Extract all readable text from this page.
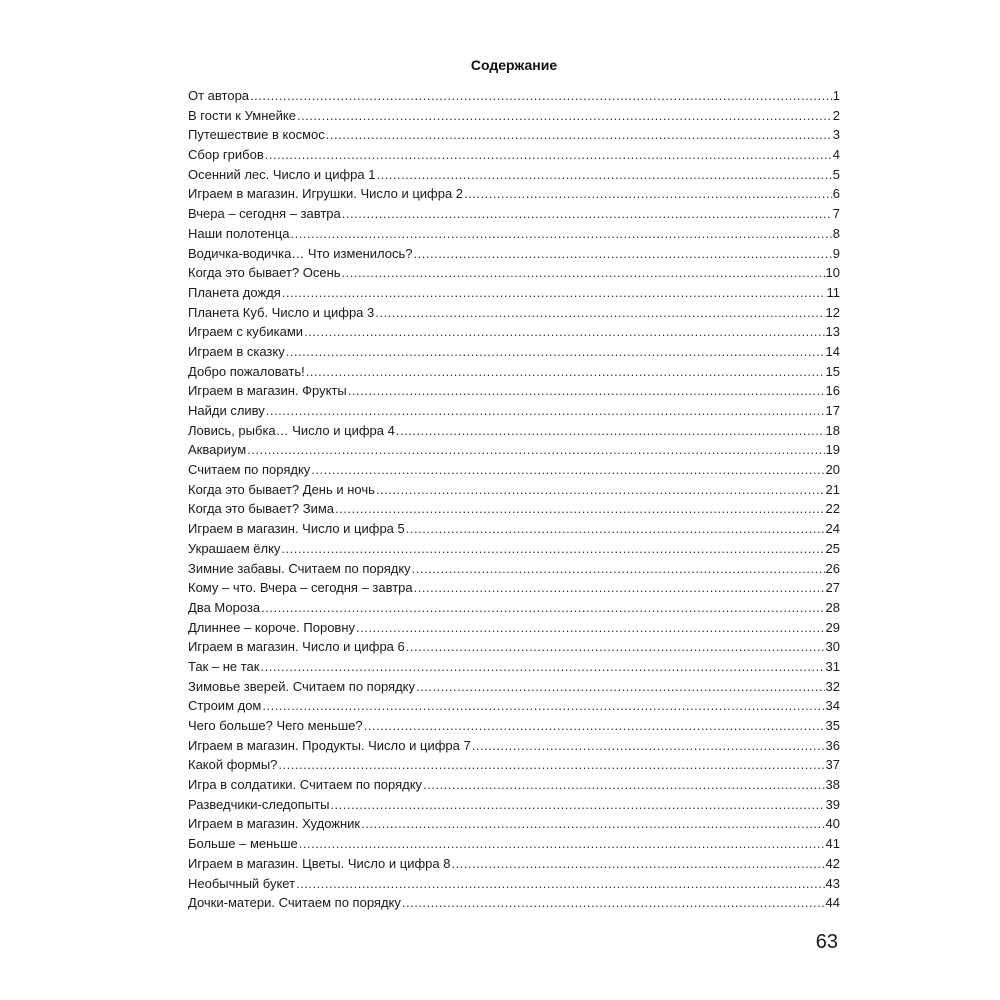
Содержание
От автора .....	1
В гости к Умнейке .....	2
Путешествие в космос .....	3
Сбор грибов .....	4
Осенний лес. Число и цифра 1 .....	5
Играем в магазин. Игрушки. Число и цифра 2 .....	6
Вчера – сегодня – завтра .....	7
Наши полотенца .....	8
Водичка-водичка… Что изменилось? .....	9
Когда это бывает? Осень .....	10
Планета дождя .....	11
Планета Куб. Число и цифра 3 .....	12
Играем с кубиками .....	13
Играем в сказку .....	14
Добро пожаловать! .....	15
Играем в магазин. Фрукты .....	16
Найди сливу .....	17
Ловись, рыбка… Число и цифра 4 .....	18
Аквариум .....	19
Считаем по порядку .....	20
Когда это бывает? День и ночь .....	21
Когда это бывает? Зима .....	22
Играем в магазин. Число и цифра 5 .....	24
Украшаем ёлку .....	25
Зимние забавы. Считаем по порядку .....	26
Кому – что. Вчера – сегодня – завтра .....	27
Два Мороза .....	28
Длиннее – короче. Поровну .....	29
Играем в магазин. Число и цифра 6 .....	30
Так – не так .....	31
Зимовье зверей. Считаем по порядку .....	32
Строим дом .....	34
Чего больше? Чего меньше? .....	35
Играем в магазин. Продукты. Число и цифра 7 .....	36
Какой формы? .....	37
Игра в солдатики. Считаем по порядку .....	38
Разведчики-следопыты .....	39
Играем в магазин. Художник .....	40
Больше – меньше .....	41
Играем в магазин. Цветы. Число и цифра 8 .....	42
Необычный букет .....	43
Дочки-матери. Считаем по порядку .....	44
63
